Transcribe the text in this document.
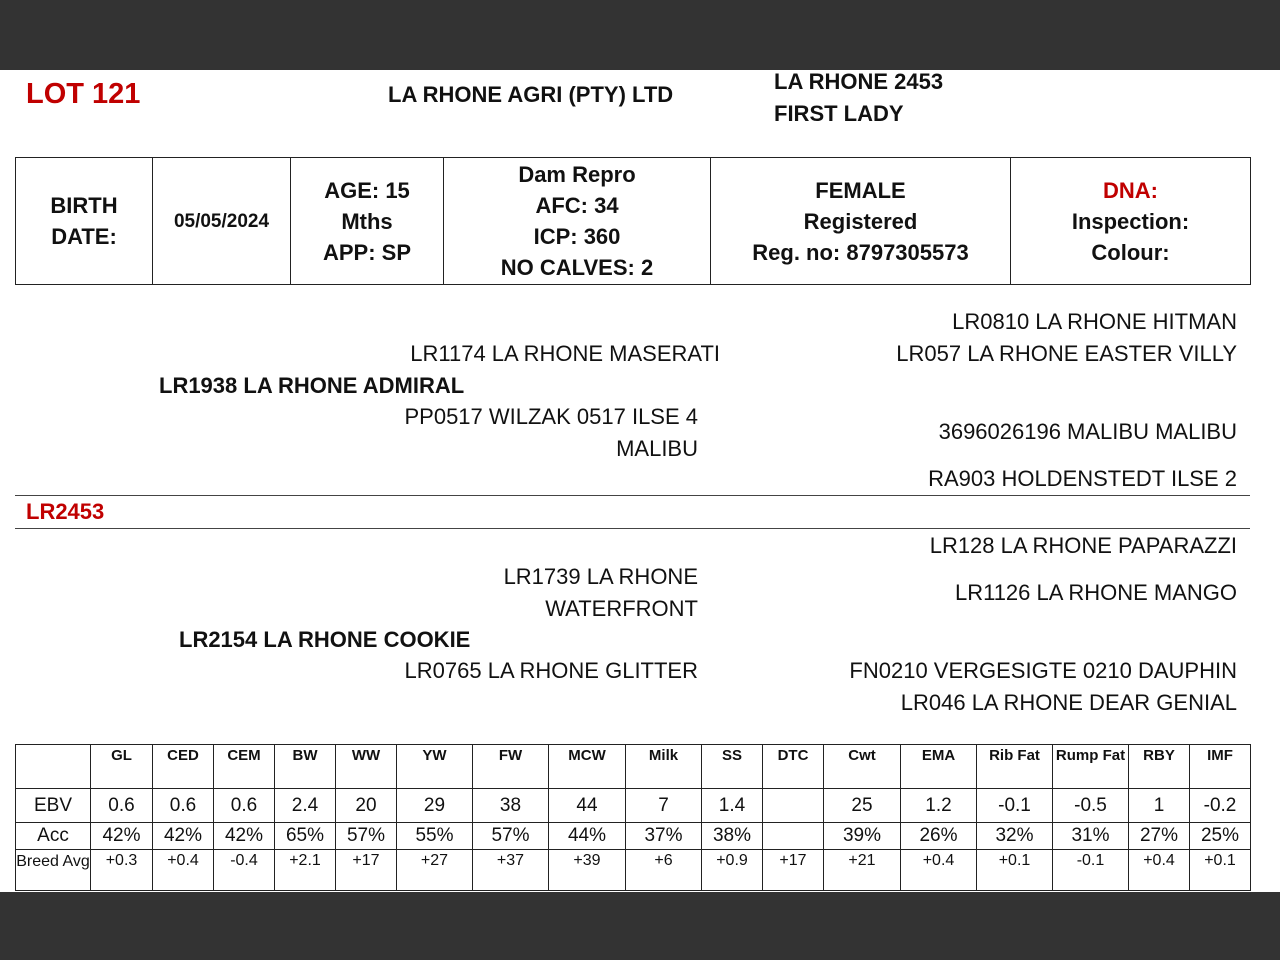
LOT 121	LA RHONE AGRI (PTY) LTD
LA RHONE 2453
FIRST LADY
BIRTH
DATE:
	05/05/2024	
AGE: 15
Mths
APP: SP

Dam Repro
AFC: 34
ICP: 360
NO CALVES: 2

FEMALE
Registered
Reg. no: 8797305573

DNA:
Inspection:
Colour:
LR1174 LA RHONE MASERATI
LR1938 LA RHONE ADMIRAL
PP0517 WILZAK 0517 ILSE 4
MALIBU
LR0810 LA RHONE HITMAN
LR057 LA RHONE EASTER VILLY
3696026196 MALIBU MALIBU
RA903 HOLDENSTEDT ILSE 2
LR2453
LR1739 LA RHONE
WATERFRONT
LR2154 LA RHONE COOKIE
LR0765 LA RHONE GLITTER
LR128 LA RHONE PAPARAZZI
LR1126 LA RHONE MANGO
FN0210 VERGESIGTE 0210 DAUPHIN
LR046 LA RHONE DEAR GENIAL
	GL	CED	CEM	BW	WW	YW	FW	MCW	Milk	SS	DTC	Cwt	EMA	Rib Fat	Rump Fat	RBY	IMF
EBV	0.6	0.6	0.6	2.4	20	29	38	44	7	1.4		25	1.2	-0.1	-0.5	1	-0.2
Acc	42%	42%	42%	65%	57%	55%	57%	44%	37%	38%		39%	26%	32%	31%	27%	25%
Breed Avg	+0.3	+0.4	-0.4	+2.1	+17	+27	+37	+39	+6	+0.9	+17	+21	+0.4	+0.1	-0.1	+0.4	+0.1
